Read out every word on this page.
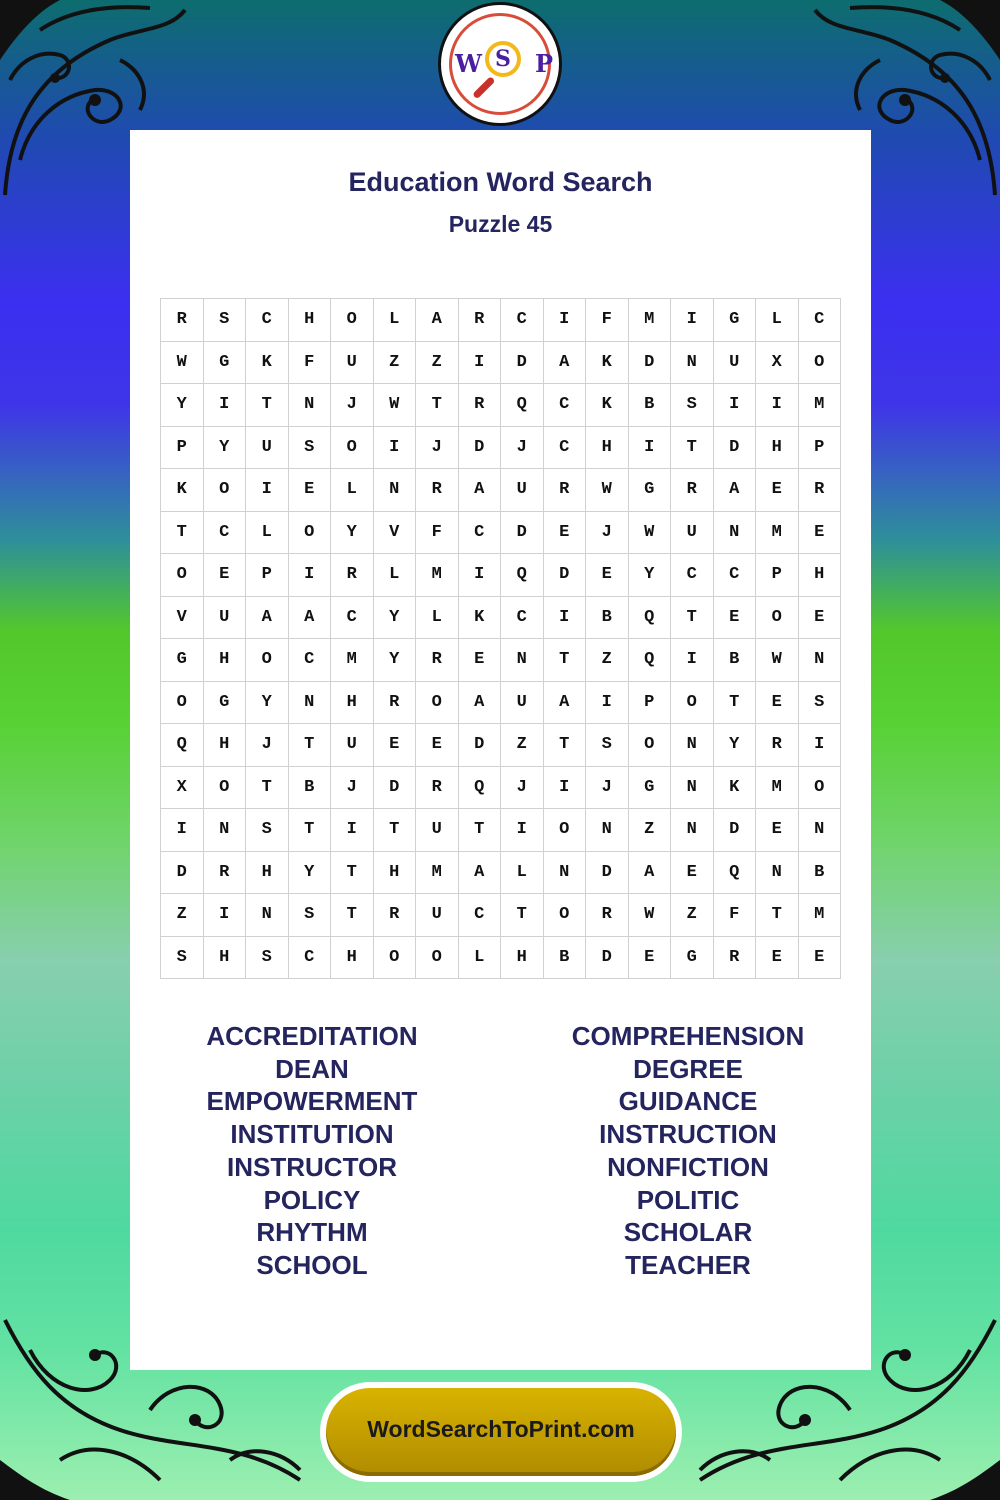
W S	P
Education Word Search
Puzzle 45
R	S	C	H	O	L	A	R	C	I	F	M	I	G	L	C
W	G	K	F	U	Z	Z	I	D	A	K	D	N	U	X	O
Y	I	T	N	J	W	T	R	Q	C	K	B	S	I	I	M
P	Y	U	S	O	I	J	D	J	C	H	I	T	D	H	P
K	O	I	E	L	N	R	A	U	R	W	G	R	A	E	R
T	C	L	O	Y	V	F	C	D	E	J	W	U	N	M	E
O	E	P	I	R	L	M	I	Q	D	E	Y	C	C	P	H
V	U	A	A	C	Y	L	K	C	I	B	Q	T	E	O	E
G	H	O	C	M	Y	R	E	N	T	Z	Q	I	B	W	N
O	G	Y	N	H	R	O	A	U	A	I	P	O	T	E	S
Q	H	J	T	U	E	E	D	Z	T	S	O	N	Y	R	I
X	O	T	B	J	D	R	Q	J	I	J	G	N	K	M	O
I	N	S	T	I	T	U	T	I	O	N	Z	N	D	E	N
D	R	H	Y	T	H	M	A	L	N	D	A	E	Q	N	B
Z	I	N	S	T	R	U	C	T	O	R	W	Z	F	T	M
S	H	S	C	H	O	O	L	H	B	D	E	G	R	E	E
ACCREDITATION
DEAN
EMPOWERMENT
INSTITUTION
INSTRUCTOR
POLICY
RHYTHM
SCHOOL
COMPREHENSION
DEGREE
GUIDANCE
INSTRUCTION
NONFICTION
POLITIC
SCHOLAR
TEACHER
WordSearchToPrint.com
